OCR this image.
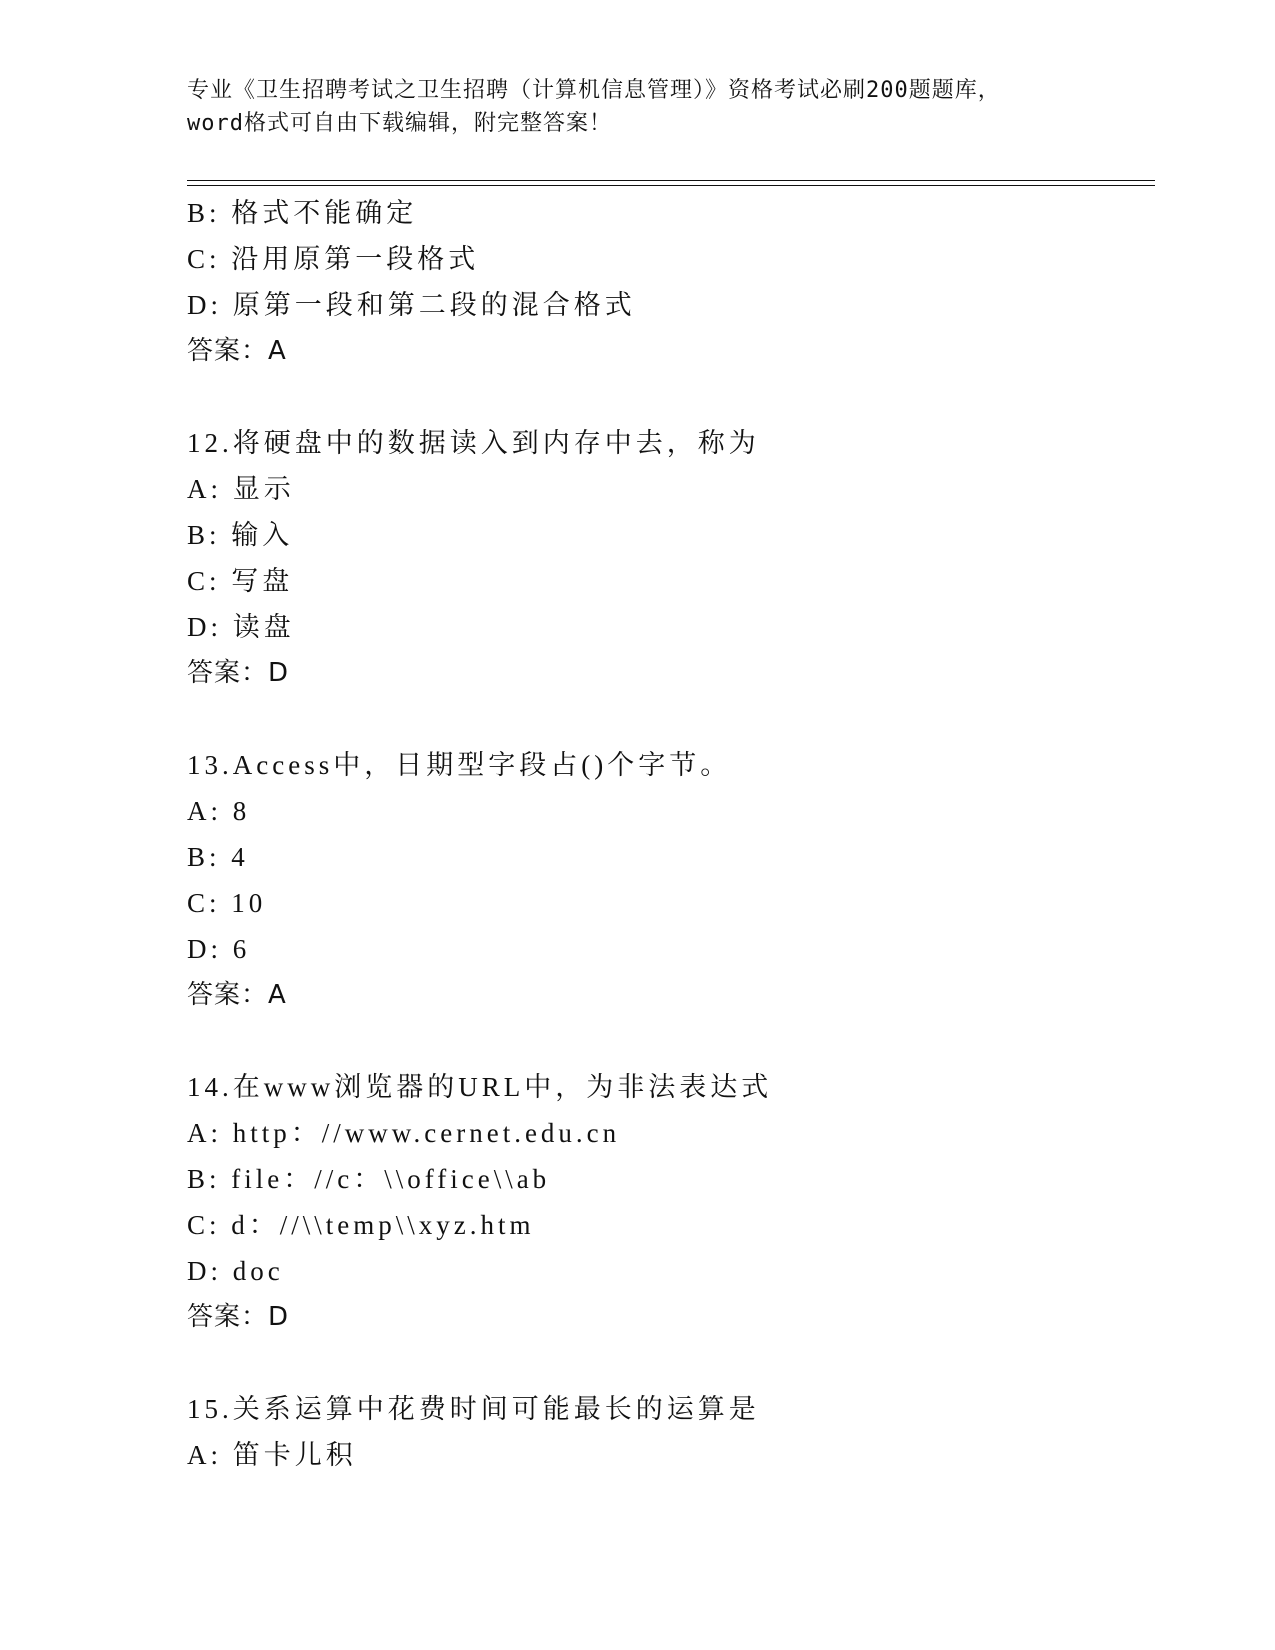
专业《卫生招聘考试之卫生招聘（计算机信息管理）》资格考试必刷200题题库，
word格式可自由下载编辑，附完整答案！
B: 格式不能确定
C: 沿用原第一段格式
D: 原第一段和第二段的混合格式
答案：A
12.将硬盘中的数据读入到内存中去，称为
A: 显示
B: 输入
C: 写盘
D: 读盘
答案：D
13.Access中，日期型字段占()个字节。
A: 8
B: 4
C: 10
D: 6
答案：A
14.在www浏览器的URL中，为非法表达式
A: http：//www.cernet.edu.cn
B: file：//c：\\office\\ab
C: d：//\\temp\\xyz.htm
D: doc
答案：D
15.关系运算中花费时间可能最长的运算是
A: 笛卡儿积
